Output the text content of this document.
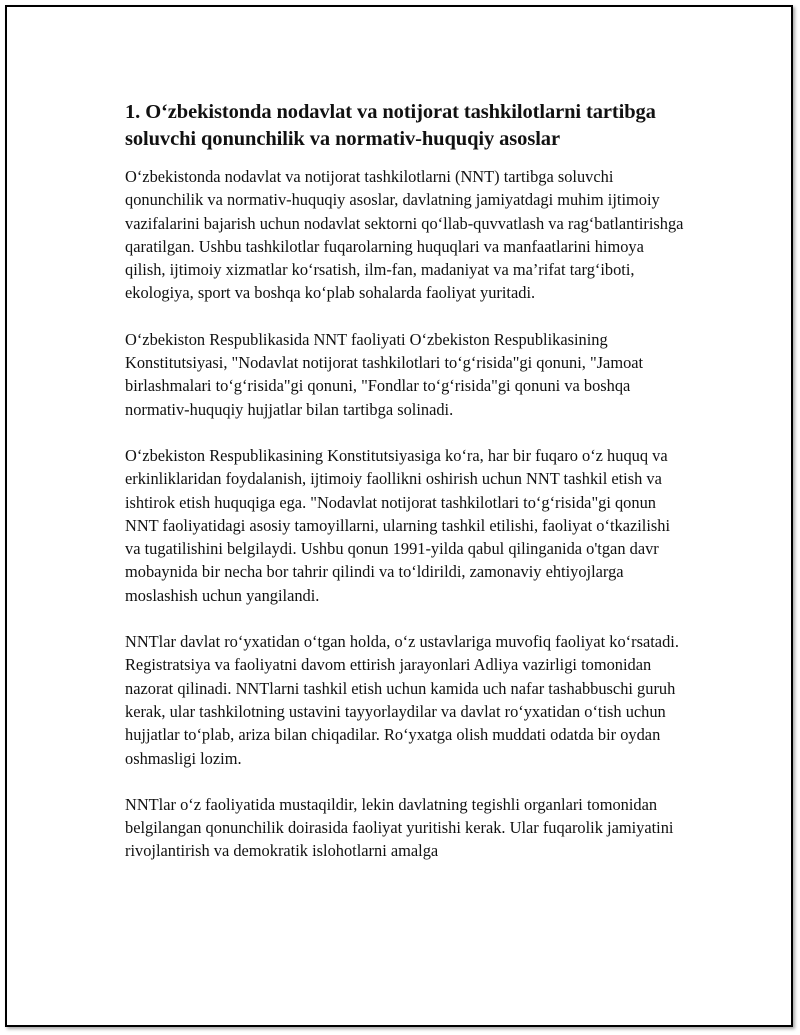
1. O‘zbekistonda nodavlat va notijorat tashkilotlarni tartibga soluvchi qonunchilik va normativ-huquqiy asoslar

O‘zbekistonda nodavlat va notijorat tashkilotlarni (NNT) tartibga soluvchi qonunchilik va normativ-huquqiy asoslar, davlatning jamiyatdagi muhim ijtimoiy vazifalarini bajarish uchun nodavlat sektorni qo‘llab-quvvatlash va rag‘batlantirishga qaratilgan. Ushbu tashkilotlar fuqarolarning huquqlari va manfaatlarini himoya qilish, ijtimoiy xizmatlar ko‘rsatish, ilm-fan, madaniyat va ma’rifat targ‘iboti, ekologiya, sport va boshqa ko‘plab sohalarda faoliyat yuritadi.

O‘zbekiston Respublikasida NNT faoliyati O‘zbekiston Respublikasining Konstitutsiyasi, "Nodavlat notijorat tashkilotlari to‘g‘risida"gi qonuni, "Jamoat birlashmalari to‘g‘risida"gi qonuni, "Fondlar to‘g‘risida"gi qonuni va boshqa normativ-huquqiy hujjatlar bilan tartibga solinadi.

O‘zbekiston Respublikasining Konstitutsiyasiga ko‘ra, har bir fuqaro o‘z huquq va erkinliklaridan foydalanish, ijtimoiy faollikni oshirish uchun NNT tashkil etish va ishtirok etish huquqiga ega. "Nodavlat notijorat tashkilotlari to‘g‘risida"gi qonun NNT faoliyatidagi asosiy tamoyillarni, ularning tashkil etilishi, faoliyat o‘tkazilishi va tugatilishini belgilaydi. Ushbu qonun 1991-yilda qabul qilinganida o'tgan davr mobaynida bir necha bor tahrir qilindi va to‘ldirildi, zamonaviy ehtiyojlarga moslashish uchun yangilandi.

NNTlar davlat ro‘yxatidan o‘tgan holda, o‘z ustavlariga muvofiq faoliyat ko‘rsatadi. Registratsiya va faoliyatni davom ettirish jarayonlari Adliya vazirligi tomonidan nazorat qilinadi. NNTlarni tashkil etish uchun kamida uch nafar tashabbuschi guruh kerak, ular tashkilotning ustavini tayyorlaydilar va davlat ro‘yxatidan o‘tish uchun hujjatlar to‘plab, ariza bilan chiqadilar. Ro‘yxatga olish muddati odatda bir oydan oshmasligi lozim.

NNTlar o‘z faoliyatida mustaqildir, lekin davlatning tegishli organlari tomonidan belgilangan qonunchilik doirasida faoliyat yuritishi kerak. Ular fuqarolik jamiyatini rivojlantirish va demokratik islohotlarni amalga
